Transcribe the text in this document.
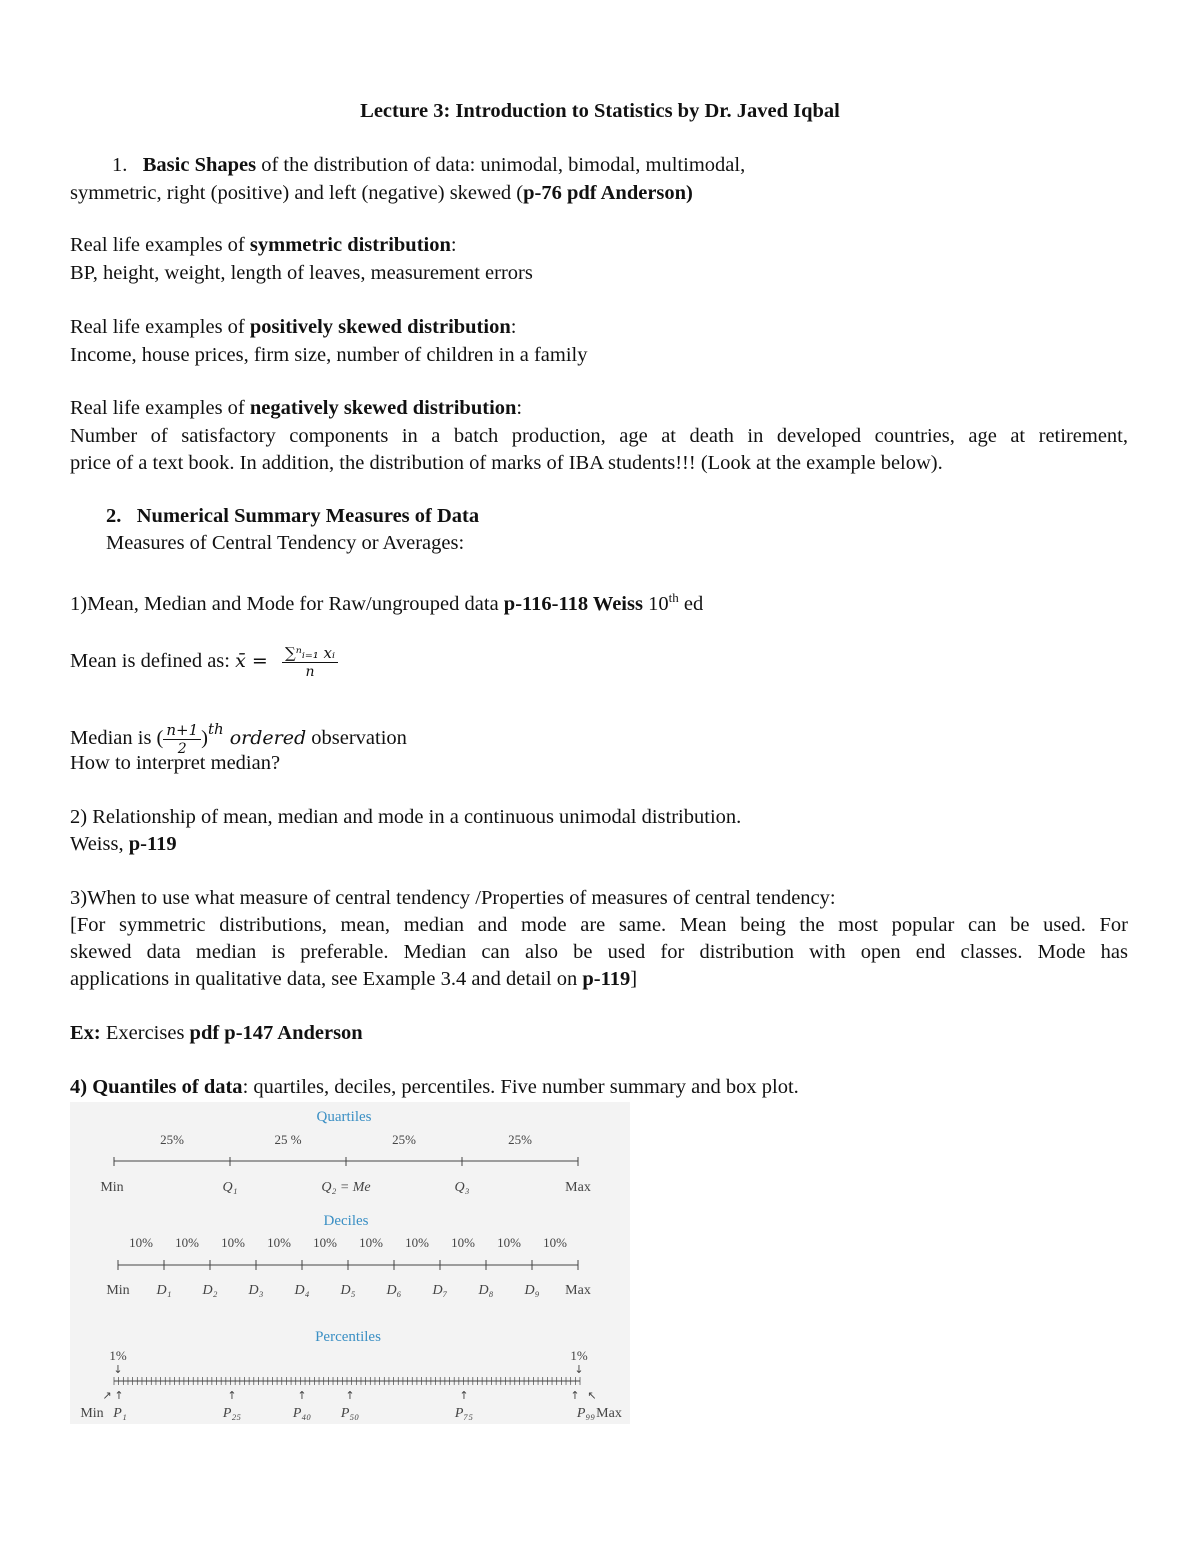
Lecture 3: Introduction to Statistics by Dr. Javed Iqbal
1. Basic Shapes of the distribution of data: unimodal, bimodal, multimodal,
symmetric, right (positive) and left (negative) skewed (p-76 pdf Anderson)
Real life examples of symmetric distribution:
BP, height, weight, length of leaves, measurement errors
Real life examples of positively skewed distribution:
Income, house prices, firm size, number of children in a family
Real life examples of negatively skewed distribution:
Number of satisfactory components in a batch production, age at death in developed countries, age at retirement,
price of a text book. In addition, the distribution of marks of IBA students!!! (Look at the example below).
2. Numerical Summary Measures of Data
Measures of Central Tendency or Averages:
1)Mean, Median and Mode for Raw/ungrouped data p-116-118 Weiss 10th ed
Mean is defined as: x̄ = $\frac{\text{∑ⁿᵢ₌₁ xᵢ}}{n}$
Median is ( $\frac{n+1}{2} )^{th}$ ordered observation
How to interpret median?
2) Relationship of mean, median and mode in a continuous unimodal distribution.
Weiss, p-119
3)When to use what measure of central tendency /Properties of measures of central tendency:
[For symmetric distributions, mean, median and mode are same. Mean being the most popular can be used. For
skewed data median is preferable. Median can also be used for distribution with open end classes. Mode has
applications in qualitative data, see Example 3.4 and detail on p-119]
Ex: Exercises pdf p-147 Anderson
4) Quantiles of data: quartiles, deciles, percentiles. Five number summary and box plot.
Quartiles
25%	25 %	25%	25%
Min	Q₁	Q₂ = Me	Q₃	Max
Deciles
10% 10% 10% 10% 10% 10% 10% 10% 10% 10%
Min D₁ D₂ D₃ D₄ D₅ D₆ D₇ D₈ D₉ Max
Percentiles
1%	1%
↓	↓
↗ ↑	↑	↑	↑	↑	↑ ↖
Min P₁	P₂₅	P₄₀ P₅₀	P₇₅	P₉₉ Max
